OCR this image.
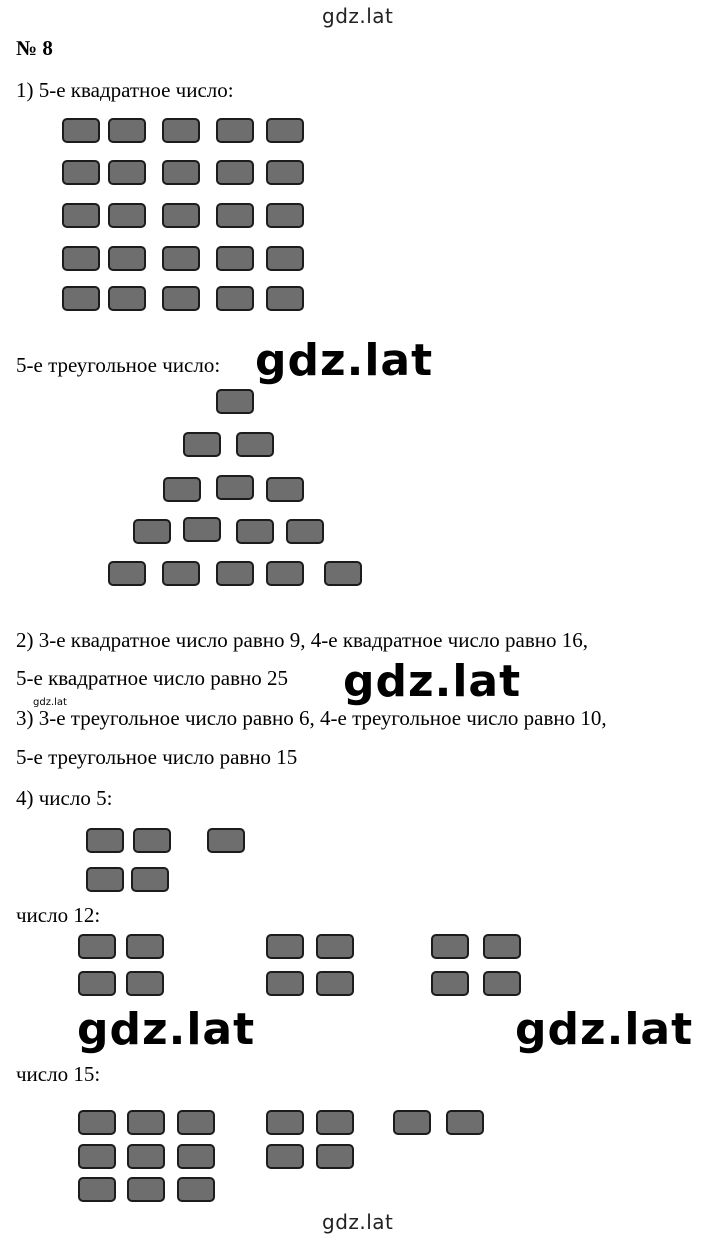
gdz.lat
№ 8
1) 5-е квадратное число:
5-е треугольное число: gdz.lat
2) 3-е квадратное число равно 9, 4-е квадратное число равно 16,
5-е квадратное число равно 25 gdz.lat
gdz.lat
3) 3-е треугольное число равно 6, 4-е треугольное число равно 10,
5-е треугольное число равно 15
4) число 5:
число 12:
gdz.lat	gdz.lat
число 15:
gdz.lat
